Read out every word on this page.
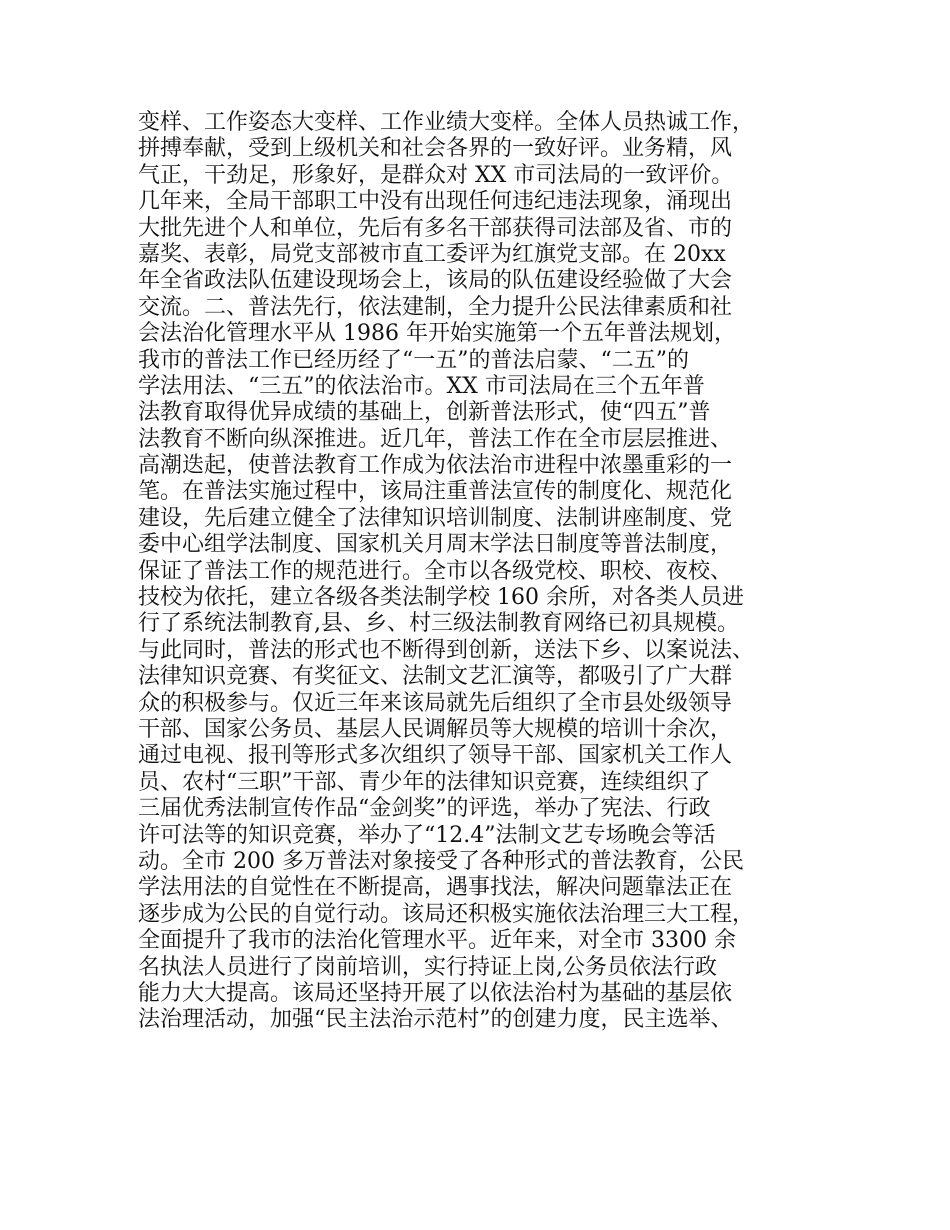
变样、工作姿态大变样、工作业绩大变样。全体人员热诚工作，
拼搏奉献，受到上级机关和社会各界的一致好评。业务精，风
气正，干劲足，形象好，是群众对 XX 市司法局的一致评价。
几年来，全局干部职工中没有出现任何违纪违法现象，涌现出
大批先进个人和单位，先后有多名干部获得司法部及省、市的
嘉奖、表彰，局党支部被市直工委评为红旗党支部。在 20xx
年全省政法队伍建设现场会上，该局的队伍建设经验做了大会
交流。二、普法先行，依法建制，全力提升公民法律素质和社
会法治化管理水平从 1986 年开始实施第一个五年普法规划，
我市的普法工作已经历经了“一五”的普法启蒙、“二五”的
学法用法、“三五”的依法治市。XX 市司法局在三个五年普
法教育取得优异成绩的基础上，创新普法形式，使“四五”普
法教育不断向纵深推进。近几年，普法工作在全市层层推进、
高潮迭起，使普法教育工作成为依法治市进程中浓墨重彩的一
笔。在普法实施过程中，该局注重普法宣传的制度化、规范化
建设，先后建立健全了法律知识培训制度、法制讲座制度、党
委中心组学法制度、国家机关月周末学法日制度等普法制度，
保证了普法工作的规范进行。全市以各级党校、职校、夜校、
技校为依托，建立各级各类法制学校 160 余所，对各类人员进
行了系统法制教育,县、乡、村三级法制教育网络已初具规模。
与此同时，普法的形式也不断得到创新，送法下乡、以案说法、
法律知识竞赛、有奖征文、法制文艺汇演等，都吸引了广大群
众的积极参与。仅近三年来该局就先后组织了全市县处级领导
干部、国家公务员、基层人民调解员等大规模的培训十余次，
通过电视、报刊等形式多次组织了领导干部、国家机关工作人
员、农村“三职”干部、青少年的法律知识竞赛，连续组织了
三届优秀法制宣传作品“金剑奖”的评选，举办了宪法、行政
许可法等的知识竞赛，举办了“12.4”法制文艺专场晚会等活
动。全市 200 多万普法对象接受了各种形式的普法教育，公民
学法用法的自觉性在不断提高，遇事找法，解决问题靠法正在
逐步成为公民的自觉行动。该局还积极实施依法治理三大工程，
全面提升了我市的法治化管理水平。近年来，对全市 3300 余
名执法人员进行了岗前培训，实行持证上岗,公务员依法行政
能力大大提高。该局还坚持开展了以依法治村为基础的基层依
法治理活动，加强“民主法治示范村”的创建力度，民主选举、
